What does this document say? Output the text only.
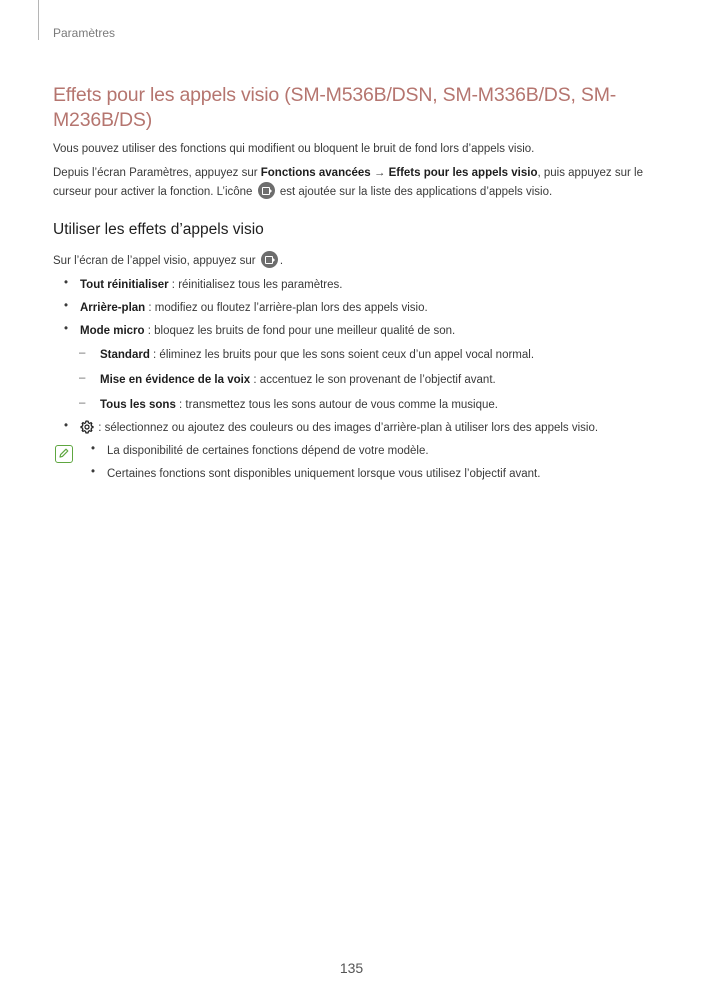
Paramètres
Effets pour les appels visio (SM-M536B/DSN, SM-M336B/DS, SM-M236B/DS)

Vous pouvez utiliser des fonctions qui modifient ou bloquent le bruit de fond lors d’appels visio.

Depuis l’écran Paramètres, appuyez sur Fonctions avancées → Effets pour les appels visio, puis appuyez sur le curseur pour activer la fonction. L’icône  est ajoutée sur la liste des applications d’appels visio.

Utiliser les effets d’appels visio
Sur l’écran de l’appel visio, appuyez sur .
• Tout réinitialiser : réinitialisez tous les paramètres.
• Arrière-plan : modifiez ou floutez l’arrière-plan lors des appels visio.
• Mode micro : bloquez les bruits de fond pour une meilleur qualité de son.
– Standard : éliminez les bruits pour que les sons soient ceux d’un appel vocal normal.
– Mise en évidence de la voix : accentuez le son provenant de l’objectif avant.
– Tous les sons : transmettez tous les sons autour de vous comme la musique.
•	: sélectionnez ou ajoutez des couleurs ou des images d’arrière-plan à utiliser lors des appels visio.
• La disponibilité de certaines fonctions dépend de votre modèle.
• Certaines fonctions sont disponibles uniquement lorsque vous utilisez l’objectif avant.
135
